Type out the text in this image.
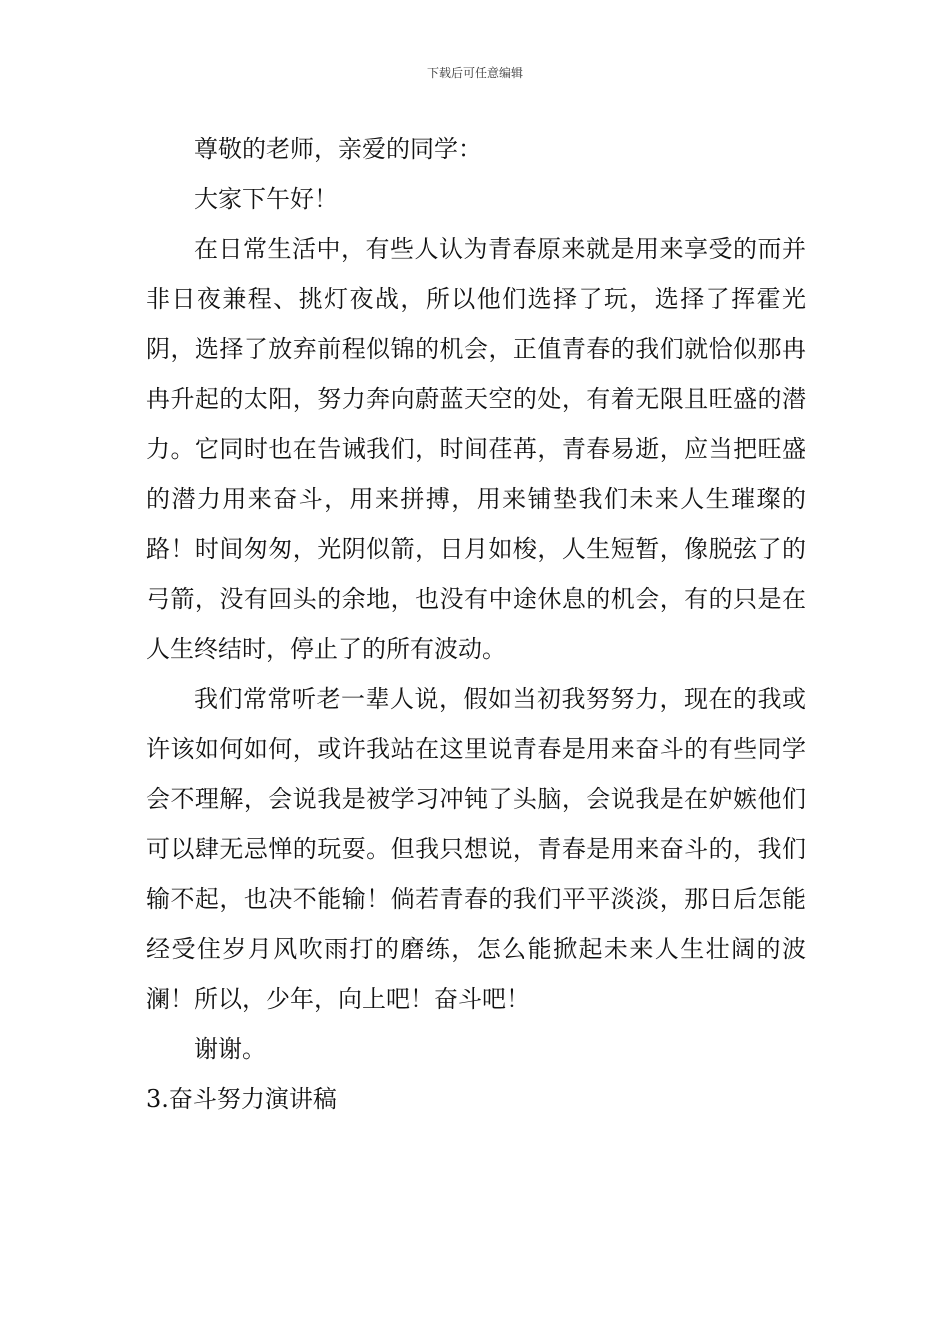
下载后可任意编辑

尊敬的老师，亲爱的同学：

大家下午好！

在日常生活中，有些人认为青春原来就是用来享受的而并非日夜兼程、挑灯夜战，所以他们选择了玩，选择了挥霍光阴，选择了放弃前程似锦的机会，正值青春的我们就恰似那冉冉升起的太阳，努力奔向蔚蓝天空的处，有着无限且旺盛的潜力。它同时也在告诫我们，时间荏苒，青春易逝，应当把旺盛的潜力用来奋斗，用来拼搏，用来铺垫我们未来人生璀璨的路！时间匆匆，光阴似箭，日月如梭，人生短暂，像脱弦了的弓箭，没有回头的余地，也没有中途休息的机会，有的只是在人生终结时，停止了的所有波动。

我们常常听老一辈人说，假如当初我努努力，现在的我或许该如何如何，或许我站在这里说青春是用来奋斗的有些同学会不理解，会说我是被学习冲钝了头脑，会说我是在妒嫉他们可以肆无忌惮的玩耍。但我只想说，青春是用来奋斗的，我们输不起，也决不能输！倘若青春的我们平平淡淡，那日后怎能经受住岁月风吹雨打的磨练，怎么能掀起未来人生壮阔的波澜！所以，少年，向上吧！奋斗吧！

谢谢。

3.奋斗努力演讲稿
